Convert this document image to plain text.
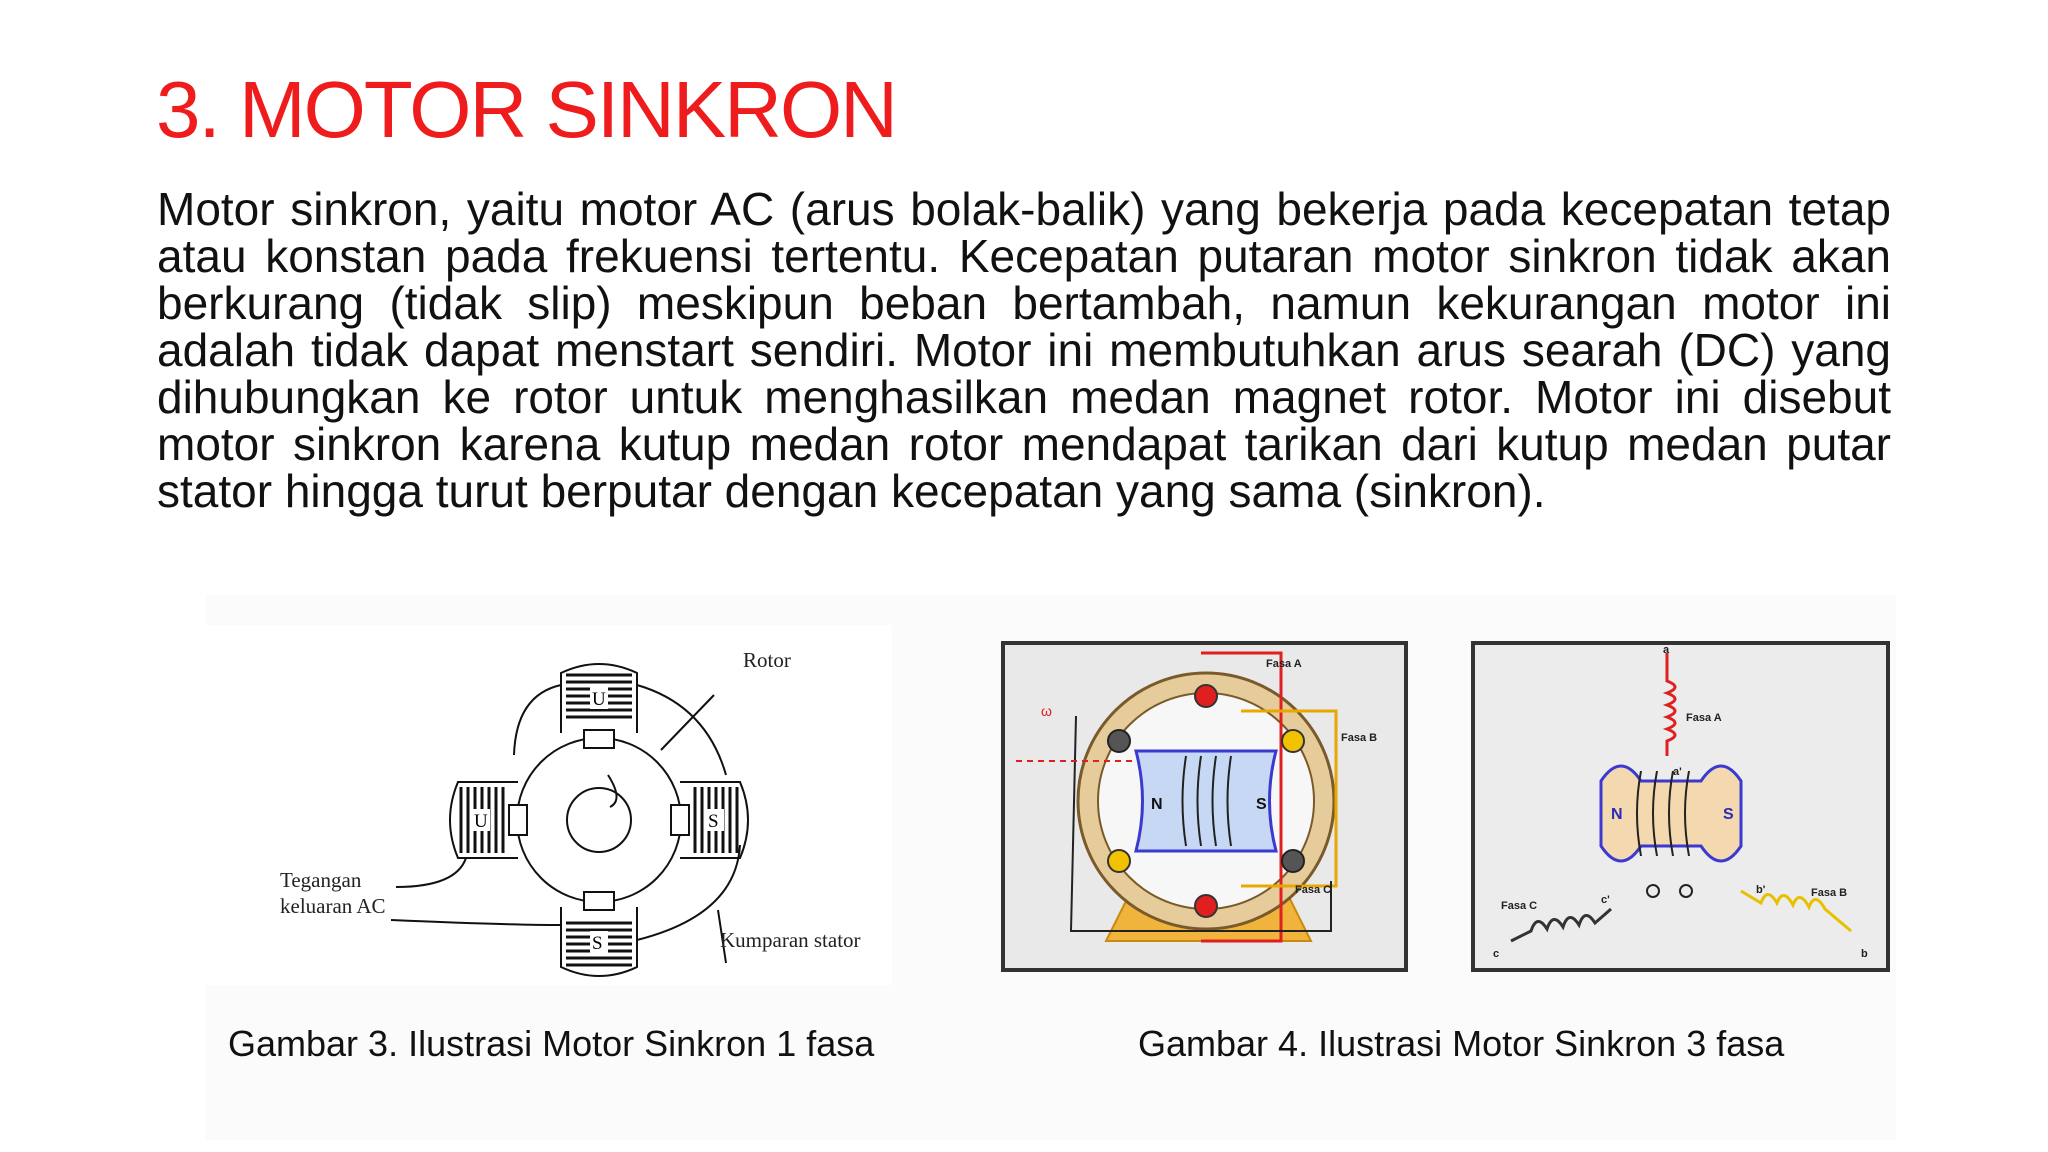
3. MOTOR SINKRON

Motor sinkron, yaitu motor AC (arus bolak-balik) yang bekerja pada kecepatan tetap atau konstan pada frekuensi tertentu. Kecepatan putaran motor sinkron tidak akan berkurang (tidak slip) meskipun beban bertambah, namun kekurangan motor ini adalah tidak dapat menstart sendiri. Motor ini membutuhkan arus searah (DC) yang dihubungkan ke rotor untuk menghasilkan medan magnet rotor. Motor ini disebut motor sinkron karena kutup medan rotor mendapat tarikan dari kutup medan putar stator hingga turut berputar dengan kecepatan yang sama (sinkron).

U
S
U	S
Rotor
Tegangan
keluaran AC
Kumparan stator
N	S
Fasa A
Fasa B
Fasa C
ω
N	S
Fasa A
Fasa B
Fasa C
a
a'
b
b'
c
c'

Gambar 3. Ilustrasi Motor Sinkron 1 fasa	Gambar 4. Ilustrasi Motor Sinkron 3 fasa
